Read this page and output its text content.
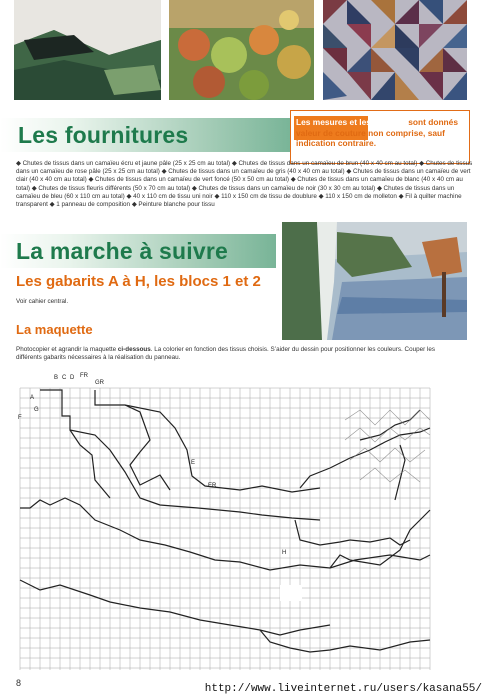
Les fournitures	Les mesures et les gabarits sont donnés valeur de couture non comprise, sauf indication contraire.
◆ Chutes de tissus dans un camaïeu écru et jaune pâle (25 x 25 cm au total) ◆ Chutes de tissus dans un camaïeu de brun (40 x 40 cm au total) ◆ Chutes de tissus dans un camaïeu de rose pâle (25 x 25 cm au total) ◆ Chutes de tissus dans un camaïeu de gris (40 x 40 cm au total) ◆ Chutes de tissus dans un camaïeu de vert clair (40 x 40 cm au total) ◆ Chutes de tissus dans un camaïeu de vert foncé (50 x 50 cm au total) ◆ Chutes de tissus dans un camaïeu de blanc (40 x 40 cm au total) ◆ Chutes de tissus fleuris différents (50 x 70 cm au total) ◆ Chutes de tissus dans un camaïeu de noir (30 x 30 cm au total) ◆ Chutes de tissus dans un camaïeu de bleu (60 x 110 cm au total) ◆ 40 x 110 cm de tissu uni noir ◆ 110 x 150 cm de tissu de doublure ◆ 110 x 150 cm de molleton ◆ Fil à quilter machine transparent ◆ 1 panneau de composition ◆ Peinture blanche pour tissu
La marche à suivre
Les gabarits A à H, les blocs 1 et 2
Voir cahier central.
La maquette
Photocopier et agrandir la maquette ci-dessous. La colorier en fonction des tissus choisis. S’aider du dessin pour positionner les couleurs. Couper les différents gabarits nécessaires à la réalisation du panneau.
B C D FR
GR
A
G
F
E
ER
H
8	http://www.liveinternet.ru/users/kasana55/
